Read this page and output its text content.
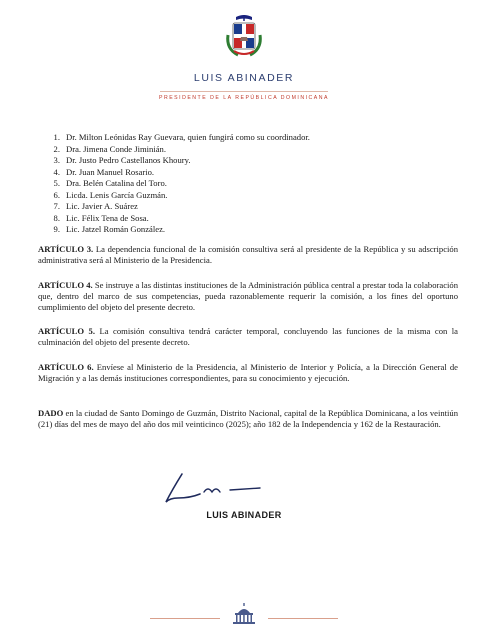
LUIS ABINADER
PRESIDENTE DE LA REPÚBLICA DOMINICANA
1. Dr. Milton Leónidas Ray Guevara, quien fungirá como su coordinador.
2. Dra. Jimena Conde Jiminián.
3. Dr. Justo Pedro Castellanos Khoury.
4. Dr. Juan Manuel Rosario.
5. Dra. Belén Catalina del Toro.
6. Licda. Lenis García Guzmán.
7. Lic. Javier A. Suárez
8. Lic. Félix Tena de Sosa.
9. Lic. Jatzel Román González.

ARTÍCULO 3. La dependencia funcional de la comisión consultiva será al presidente de la República y su adscripción administrativa será al Ministerio de la Presidencia.

ARTÍCULO 4. Se instruye a las distintas instituciones de la Administración pública central a prestar toda la colaboración que, dentro del marco de sus competencias, pueda razonablemente requerir la comisión, a los fines del oportuno cumplimiento del objeto del presente decreto.

ARTÍCULO 5. La comisión consultiva tendrá carácter temporal, concluyendo las funciones de la misma con la culminación del objeto del presente decreto.

ARTÍCULO 6. Envíese al Ministerio de la Presidencia, al Ministerio de Interior y Policía, a la Dirección General de Migración y a las demás instituciones correspondientes, para su conocimiento y ejecución.

DADO en la ciudad de Santo Domingo de Guzmán, Distrito Nacional, capital de la República Dominicana, a los veintiún (21) días del mes de mayo del año dos mil veinticinco (2025); año 182 de la Independencia y 162 de la Restauración.

LUIS ABINADER
